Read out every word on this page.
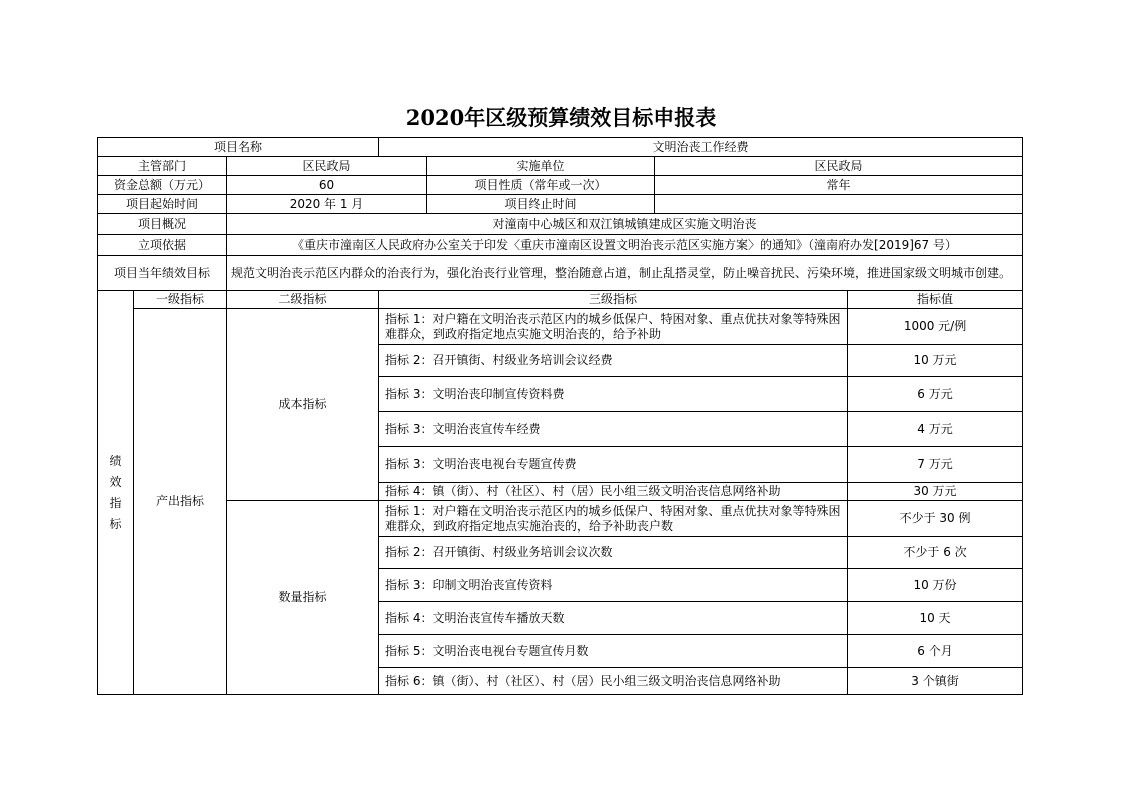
2020年区级预算绩效目标申报表
项目名称			文明治丧工作经费			
主管部门		区民政局		实施单位	区民政局	
资金总额（万元）		60		项目性质（常年或一次）	常年	
项目起始时间		2020 年 1 月		项目终止时间		
项目概况		对潼南中心城区和双江镇城镇建成区实施文明治丧				
立项依据		《重庆市潼南区人民政府办公室关于印发〈重庆市潼南区设置文明治丧示范区实施方案〉的通知》（潼南府办发[2019]67 号）				
项目当年绩效目标		规范文明治丧示范区内群众的治丧行为，强化治丧行业管理，整治随意占道，制止乱搭灵堂，防止噪音扰民、污染环境，推进国家级文明城市创建。				
绩效指标	一级指标	二级指标	三级指标			指标值
	产出指标	成本指标	指标 1：对户籍在文明治丧示范区内的城乡低保户、特困对象、重点优扶对象等特殊困难群众，到政府指定地点实施文明治丧的，给予补助			1000 元/例
			指标 2：召开镇街、村级业务培训会议经费			10 万元
			指标 3：文明治丧印制宣传资料费			6 万元
			指标 3：文明治丧宣传车经费			4 万元
			指标 3：文明治丧电视台专题宣传费			7 万元
			指标 4：镇（街）、村（社区）、村（居）民小组三级文明治丧信息网络补助			30 万元
		数量指标	指标 1：对户籍在文明治丧示范区内的城乡低保户、特困对象、重点优扶对象等特殊困难群众，到政府指定地点实施治丧的，给予补助丧户数			不少于 30 例
			指标 2：召开镇街、村级业务培训会议次数			不少于 6 次
			指标 3：印制文明治丧宣传资料			10 万份
			指标 4：文明治丧宣传车播放天数			10 天
			指标 5：文明治丧电视台专题宣传月数			6 个月
			指标 6：镇（街）、村（社区）、村（居）民小组三级文明治丧信息网络补助			3 个镇街
